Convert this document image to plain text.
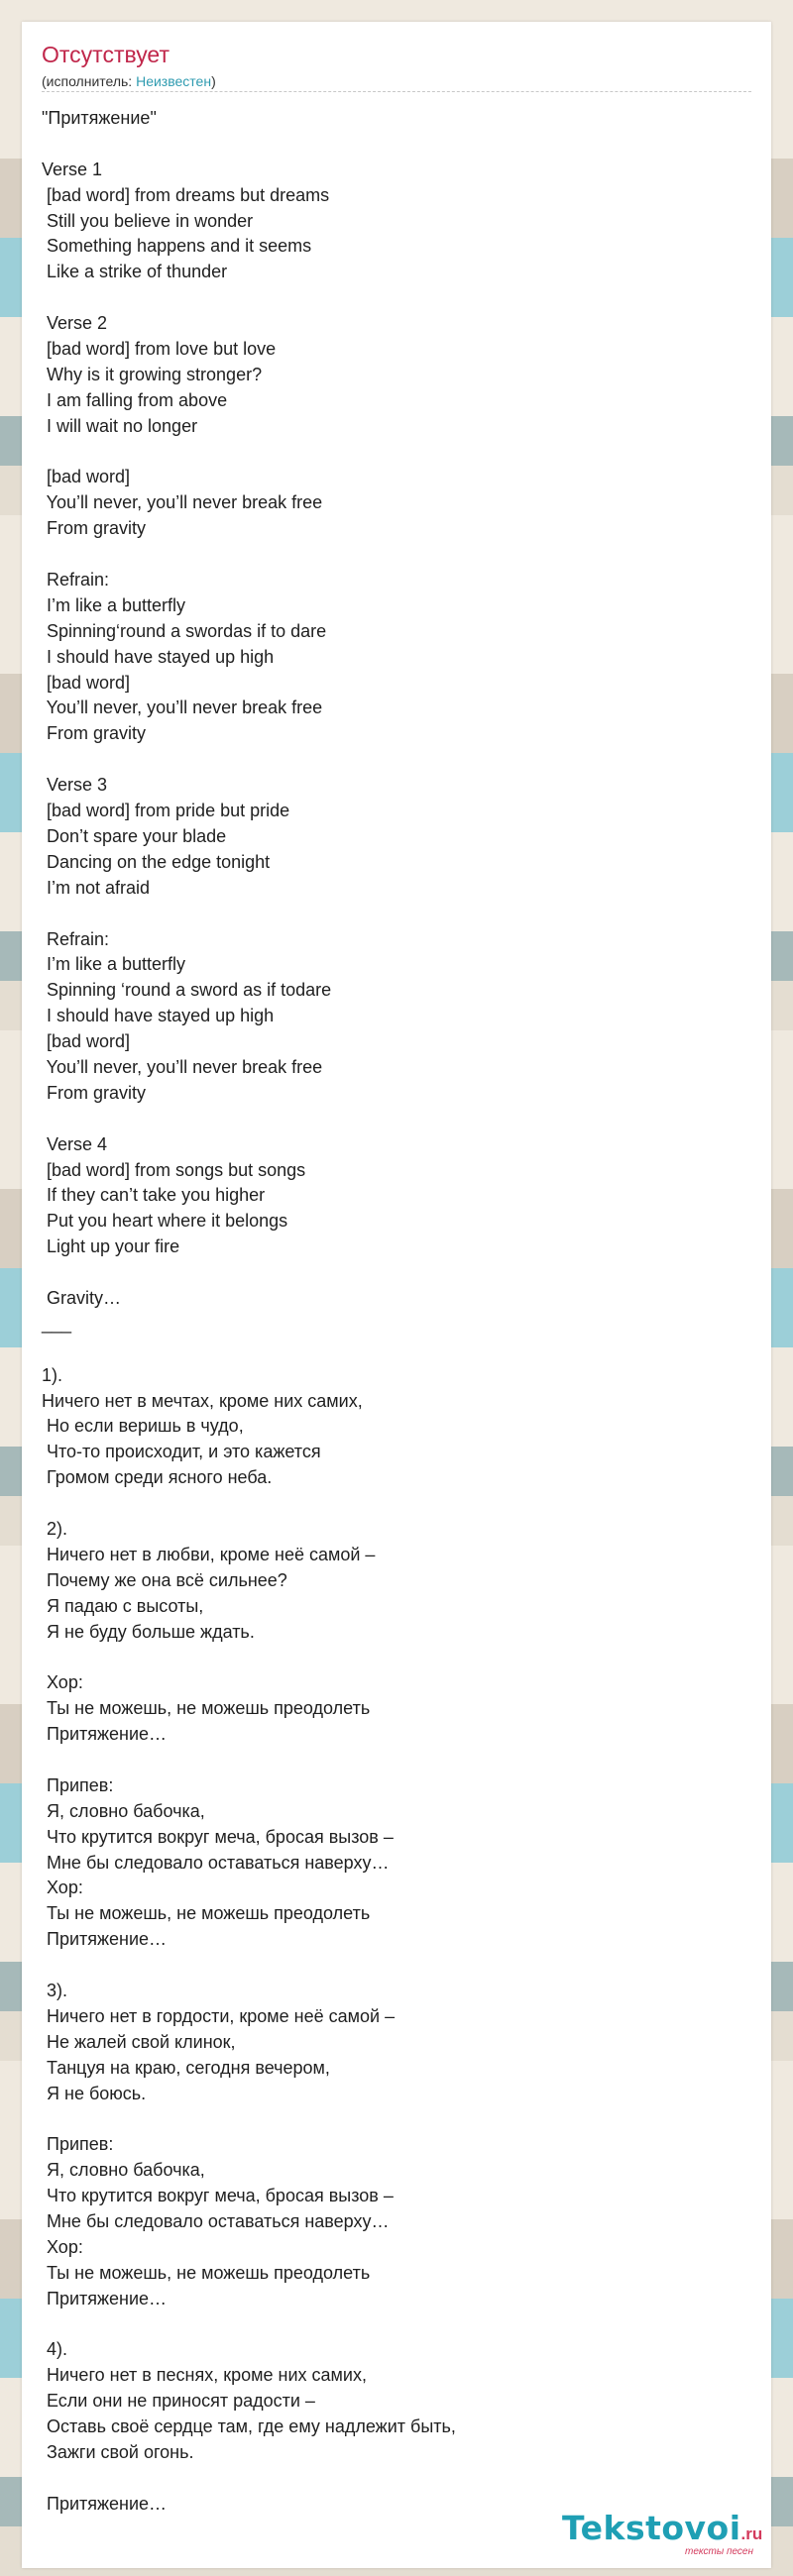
Отсутствует
(исполнитель: Неизвестен)
"Притяжение"
Verse 1
[bad word] from dreams but dreams
Still you believe in wonder
Something happens and it seems
Like a strike of thunder
Verse 2
[bad word] from love but love
Why is it growing stronger?
I am falling from above
I will wait no longer
[bad word]
You’ll never, you’ll never break free
From gravity
Refrain:
I’m like a butterfly
Spinning‘round a swordas if to dare
I should have stayed up high
[bad word]
You’ll never, you’ll never break free
From gravity
Verse 3
[bad word] from pride but pride
Don’t spare your blade
Dancing on the edge tonight
I’m not afraid
Refrain:
I’m like a butterfly
Spinning ‘round a sword as if todare
I should have stayed up high
[bad word]
You’ll never, you’ll never break free
From gravity
Verse 4
[bad word] from songs but songs
If they can’t take you higher
Put you heart where it belongs
Light up your fire
Gravity…
___
1).
Ничего нет в мечтах, кроме них самих,
Но если веришь в чудо,
Что-то происходит, и это кажется
Громом среди ясного неба.
2).
Ничего нет в любви, кроме неё самой –
Почему же она всё сильнее?
Я падаю с высоты,
Я не буду больше ждать.
Хор:
Ты не можешь, не можешь преодолеть
Притяжение…
Припев:
Я, словно бабочка,
Что крутится вокруг меча, бросая вызов –
Мне бы следовало оставаться наверху…
Хор:
Ты не можешь, не можешь преодолеть
Притяжение…
3).
Ничего нет в гордости, кроме неё самой –
Не жалей свой клинок,
Танцуя на краю, сегодня вечером,
Я не боюсь.
Припев:
Я, словно бабочка,
Что крутится вокруг меча, бросая вызов –
Мне бы следовало оставаться наверху…
Хор:
Ты не можешь, не можешь преодолеть
Притяжение…
4).
Ничего нет в песнях, кроме них самих,
Если они не приносят радости –
Оставь своё сердце там, где ему надлежит быть,
Зажги свой огонь.
Притяжение…
Tekstovoi.ru
тексты песен
